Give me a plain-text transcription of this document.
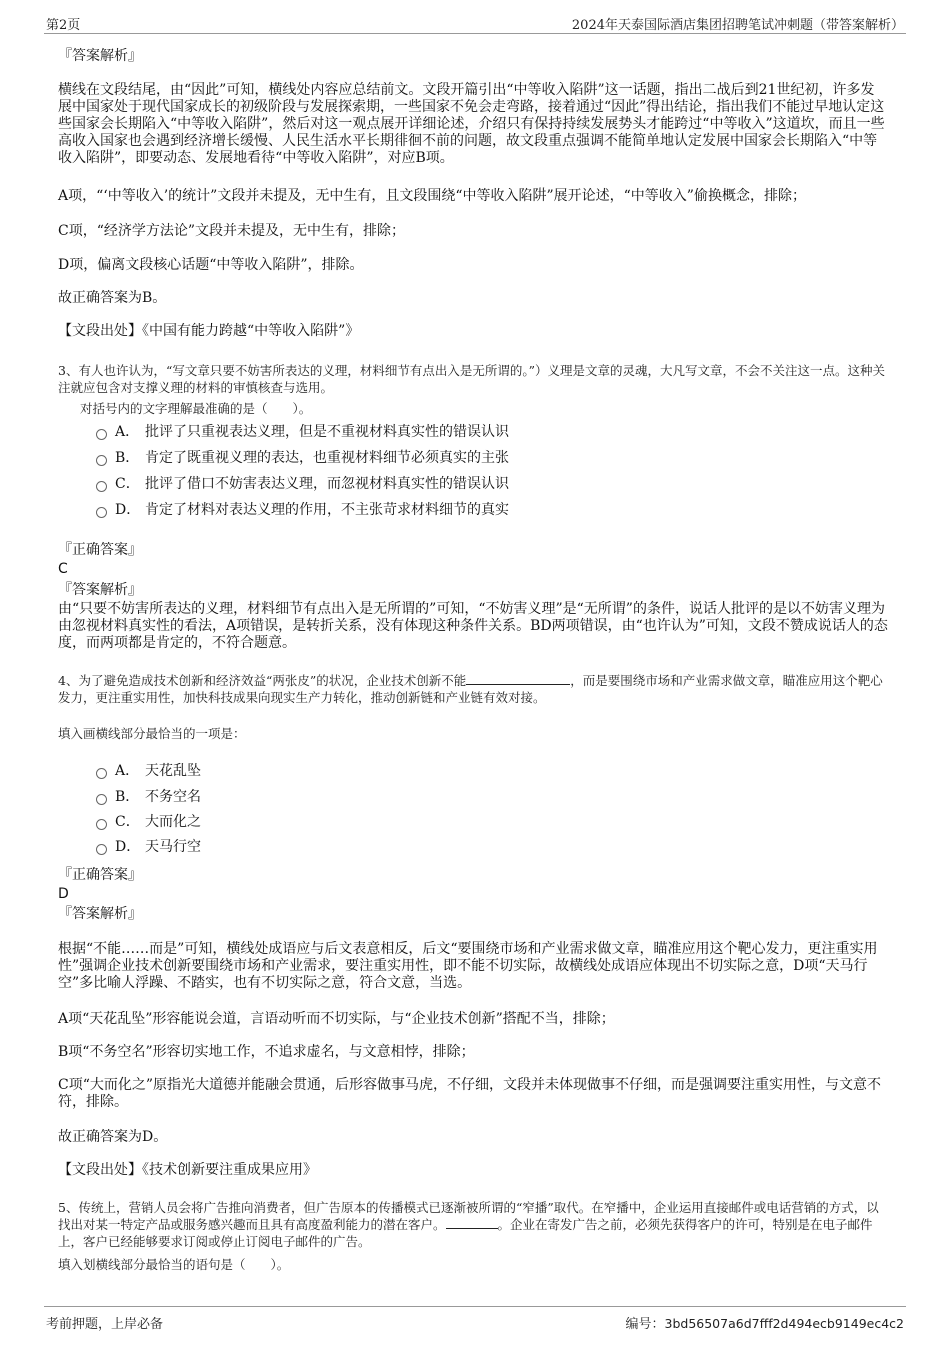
第2页	2024年天泰国际酒店集团招聘笔试冲刺题（带答案解析）
『答案解析』
横线在文段结尾，由“因此”可知，横线处内容应总结前文。文段开篇引出“中等收入陷阱”这一话题，指出二战后到21世纪初，许多发展中国家处于现代国家成长的初级阶段与发展探索期，一些国家不免会走弯路，接着通过“因此”得出结论，指出我们不能过早地认定这些国家会长期陷入“中等收入陷阱”，然后对这一观点展开详细论述，介绍只有保持持续发展势头才能跨过“中等收入”这道坎，而且一些高收入国家也会遇到经济增长缓慢、人民生活水平长期徘徊不前的问题，故文段重点强调不能简单地认定发展中国家会长期陷入“中等收入陷阱”，即要动态、发展地看待“中等收入陷阱”，对应B项。
A项，“‘中等收入’的统计”文段并未提及，无中生有，且文段围绕“中等收入陷阱”展开论述，“中等收入”偷换概念，排除；
C项，“经济学方法论”文段并未提及，无中生有，排除；
D项，偏离文段核心话题“中等收入陷阱”，排除。
故正确答案为B。
【文段出处】《中国有能力跨越“中等收入陷阱”》
3、有人也许认为，“写文章只要不妨害所表达的义理，材料细节有点出入是无所谓的。”）义理是文章的灵魂，大凡写文章，不会不关注这一点。这种关注就应包含对支撑义理的材料的审慎核查与选用。
对括号内的文字理解最准确的是（　　）。
A． 批评了只重视表达义理，但是不重视材料真实性的错误认识
B． 肯定了既重视义理的表达，也重视材料细节必须真实的主张
C． 批评了借口不妨害表达义理，而忽视材料真实性的错误认识
D． 肯定了材料对表达义理的作用，不主张苛求材料细节的真实
『正确答案』
C
『答案解析』
由“只要不妨害所表达的义理，材料细节有点出入是无所谓的”可知，“不妨害义理”是“无所谓”的条件，说话人批评的是以不妨害义理为由忽视材料真实性的看法，A项错误，是转折关系，没有体现这种条件关系。BD两项错误，由“也许认为”可知，文段不赞成说话人的态度，而两项都是肯定的，不符合题意。
4、为了避免造成技术创新和经济效益“两张皮”的状况，企业技术创新不能	，而是要围绕市场和产业需求做文章，瞄准应用这个靶心发力，更注重实用性，加快科技成果向现实生产力转化，推动创新链和产业链有效对接。
填入画横线部分最恰当的一项是：
A． 天花乱坠
B． 不务空名
C． 大而化之
D． 天马行空
『正确答案』
D
『答案解析』
根据“不能……而是”可知，横线处成语应与后文表意相反，后文“要围绕市场和产业需求做文章，瞄准应用这个靶心发力，更注重实用性”强调企业技术创新要围绕市场和产业需求，要注重实用性，即不能不切实际，故横线处成语应体现出不切实际之意，D项“天马行空”多比喻人浮躁、不踏实，也有不切实际之意，符合文意，当选。
A项“天花乱坠”形容能说会道，言语动听而不切实际，与“企业技术创新”搭配不当，排除；
B项“不务空名”形容切实地工作，不追求虚名，与文意相悖，排除；
C项“大而化之”原指光大道德并能融会贯通，后形容做事马虎，不仔细，文段并未体现做事不仔细，而是强调要注重实用性，与文意不符，排除。
故正确答案为D。
【文段出处】《技术创新要注重成果应用》
5、传统上，营销人员会将广告推向消费者，但广告原本的传播模式已逐渐被所谓的“窄播”取代。在窄播中，企业运用直接邮件或电话营销的方式，以找出对某一特定产品或服务感兴趣而且具有高度盈利能力的潜在客户。	。企业在寄发广告之前，必须先获得客户的许可，特别是在电子邮件上，客户已经能够要求订阅或停止订阅电子邮件的广告。
填入划横线部分最恰当的语句是（　　）。
考前押题，上岸必备	编号：3bd56507a6d7fff2d494ecb9149ec4c2
